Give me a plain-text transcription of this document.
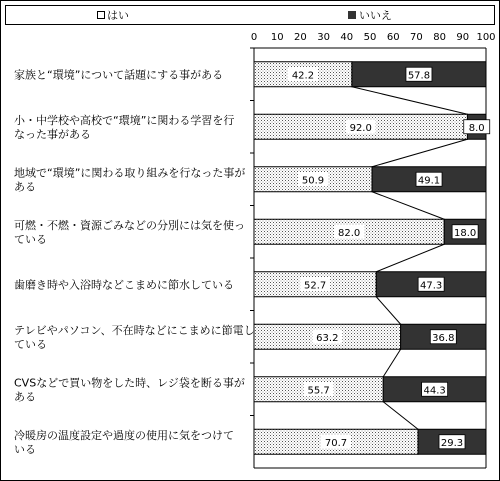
はい	いいえ
0 10 20 30 40 50 60 70 80 90 100
42.2	57.8
家族と“環境”について話題にする事がある
92.0	8.0
小・中学校や高校で“環境”に関わる学習を行なった事がある
50.9	49.1
地域で“環境”に関わる取り組みを行なった事がある
82.0	18.0
可燃・不燃・資源ごみなどの分別には気を使っている
52.7	47.3
歯磨き時や入浴時などこまめに節水している
63.2	36.8
テレビやパソコン、不在時などにこまめに節電している
55.7	44.3
CVSなどで買い物をした時、レジ袋を断る事がある
70.7	29.3
冷暖房の温度設定や過度の使用に気をつけている
